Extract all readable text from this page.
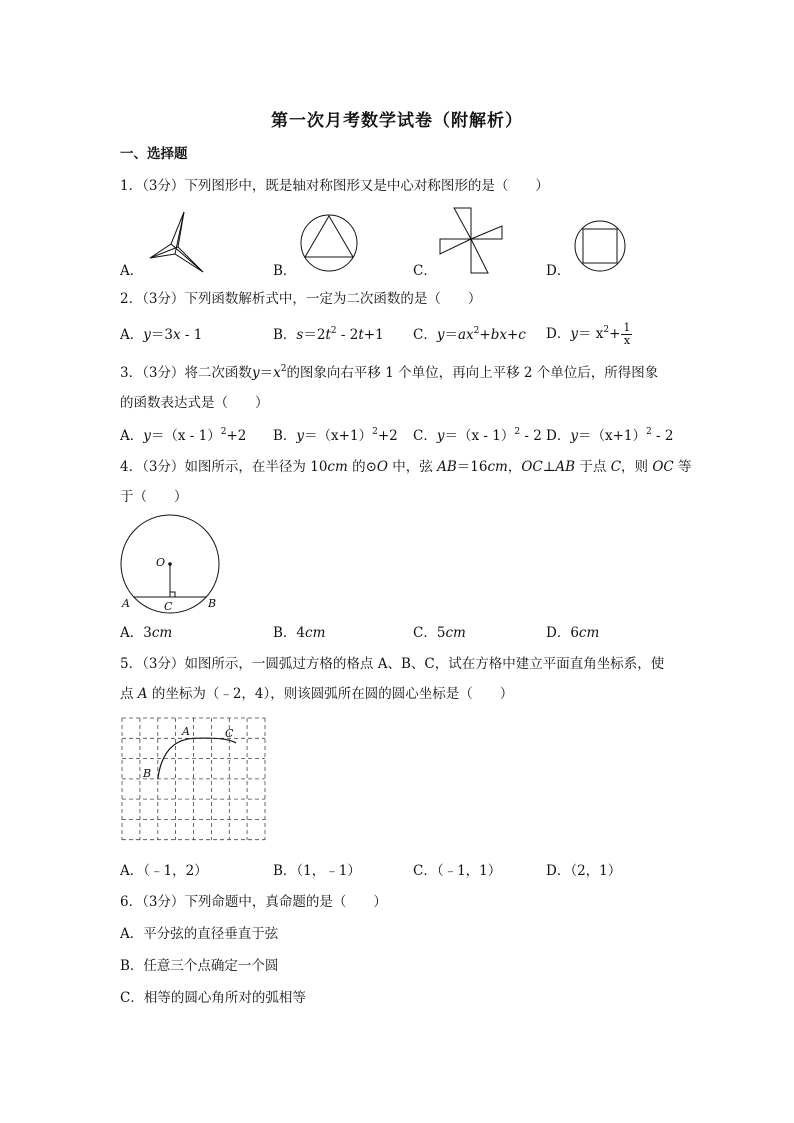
第一次月考数学试卷（附解析）
一、选择题
1．（3分）下列图形中，既是轴对称图形又是中心对称图形的是（　　）
A．	B．	C．	D．
2．（3分）下列函数解析式中，一定为二次函数的是（　　）
A．y＝3x - 1	B．$s=2t^2 - 2t+1$ C．$y=ax^2+bx+c$ D．$y= x^2+ \frac{1}{x}$
3．（3分）将二次函数$y=x^2$的图象向右平移 1 个单位，再向上平移 2 个单位后，所得图象
的函数表达式是（　　）
A．y＝（x - 1）$^2$+2 B．$y=(x+1)^2+2$ C．y＝（x - 1）$^2$ - 2 D．$y=(x+1)^2 - 2$
4．（3分）如图所示，在半径为 10cm 的⊙O 中，弦 AB＝16cm，OC⊥AB 于点 C，则 OC 等
于（　　）
O
A	B
C
A．3cm	B．4cm	C．5cm	D．6cm
5．（3分）如图所示，一圆弧过方格的格点 A、B、C，试在方格中建立平面直角坐标系，使
点 A 的坐标为（﹣2，4），则该圆弧所在圆的圆心坐标是（　　）
A
B
C
A．（﹣1，2）	B．（1，﹣1）	C．（﹣1，1）	D．（2，1）
6．（3分）下列命题中，真命题的是（　　）
A．平分弦的直径垂直于弦
B．任意三个点确定一个圆
C．相等的圆心角所对的弧相等
